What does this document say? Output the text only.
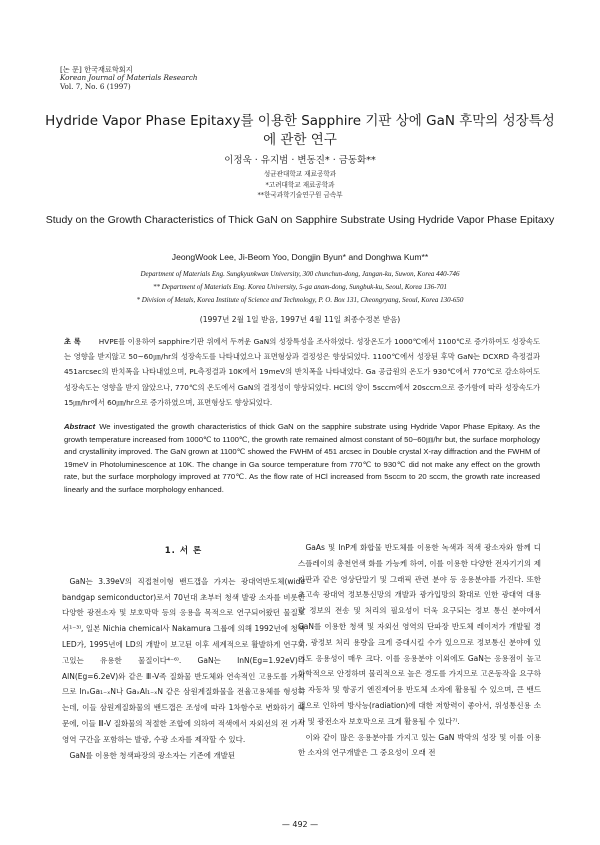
[논 문] 한국재료학회지
Korean Journal of Materials Research
Vol. 7, No. 6 (1997)
Hydride Vapor Phase Epitaxy를 이용한 Sapphire 기판 상에 GaN 후막의 성장특성에 관한 연구
이정욱 · 유지범 · 변동진* · 금동화**
성균관대학교 재료공학과
*고려대학교 재료공학과
**한국과학기술연구원 금속부
Study on the Growth Characteristics of Thick GaN on Sapphire Substrate Using Hydride Vapor Phase Epitaxy
JeongWook Lee, Ji-Beom Yoo, Dongjin Byun* and Donghwa Kum**
Department of Materials Eng. Sungkyunkwan University, 300 chunchun-dong, Jangan-ku, Suwon, Korea 440-746
** Department of Materials Eng. Korea University, 5-ga anam-dong, Sungbuk-ku, Seoul, Korea 136-701
* Division of Metals, Korea Institute of Science and Technology, P. O. Box 131, Cheongryang, Seoul, Korea 130-650
(1997년 2월 1일 받음, 1997년 4월 11일 최종수정본 받음)
초 록 HVPE를 이용하여 sapphire기판 위에서 두꺼운 GaN의 성장특성을 조사하였다. 성장온도가 1000℃에서 1100℃로 증가하여도 성장속도는 영향을 받지않고 50~60㎛/hr의 성장속도를 나타내었으나 표면형상과 결정성은 향상되었다. 1100℃에서 성장된 후막 GaN는 DCXRD 측정결과 451arcsec의 반치폭을 나타내었으며, PL측정결과 10K에서 19meV의 반치폭을 나타내었다. Ga 공급원의 온도가 930℃에서 770℃로 감소하여도 성장속도는 영향을 받지 않았으나, 770℃의 온도에서 GaN의 결정성이 향상되었다. HCl의 양이 5sccm에서 20sccm으로 증가함에 따라 성장속도가 15㎛/hr에서 60㎛/hr으로 증가하였으며, 표면형상도 향상되었다.
Abstract We investigated the growth characteristics of thick GaN on the sapphire substrate using Hydride Vapor Phase Epitaxy. As the growth temperature increased from 1000℃ to 1100℃, the growth rate remained almost constant of 50~60㎛/hr but, the surface morphology and crystallinity improved. The GaN grown at 1100℃ showed the FWHM of 451 arcsec in Double crystal X-ray diffraction and the FWHM of 19meV in Photoluminescence at 10K. The change in Ga source temperature from 770℃ to 930℃ did not make any effect on the growth rate, but the surface morphology improved at 770℃. As the flow rate of HCl increased from 5sccm to 20 sccm, the growth rate increased linearly and the surface morphology enhanced.
1. 서 론

GaN는 3.39eV의 직접천이형 밴드갭을 가지는 광대역반도체(wide bandgap semiconductor)로서 70년대 초부터 청색 발광 소자를 비롯한 다양한 광전소자 및 보호막막 등의 응용을 목적으로 연구되어왔던 물질로서¹⁻³⁾, 일본 Nichia chemical사 Nakamura 그룹에 의해 1992년에 청색 LED가, 1995년에 LD의 개발이 보고된 이후 세계적으로 활발하게 연구되고있는 유용한 물질이다⁴⁻⁶⁾. GaN는 InN(Eg=1.92eV)나 AlN(Eg=6.2eV)와 같은 Ⅲ-V족 질화물 반도체와 연속적인 고용도를 가지므로 InₓGa₁₋ₓN나 GaₓAl₁₋ₓN 같은 삼원계질화물을 전율고용체를 형성하는데, 이들 삼원계질화물의 밴드갭은 조성에 따라 1차함수로 변화하기 때문에, 이들 Ⅲ-V 질화물의 적절한 조합에 의하여 적색에서 자외선의 전 가시영역 구간을 포함하는 발광, 수광 소자를 제작할 수 있다.

GaN를 이용한 청색파장의 광소자는 기존에 개발된

GaAs 및 InP계 화합물 반도체를 이용한 녹색과 적색 광소자와 함께 디스플레이의 총천연색 화를 가능케 하여, 이를 이용한 다양한 전자기기의 제가판과 같은 영상단말기 및 그래픽 관련 분야 등 응용분야를 가진다. 또한 초고속 광대역 정보통신망의 개발과 광가입망의 확대로 인한 광대역 대용량 정보의 전송 및 처리의 필요성이 더욱 요구되는 정보 통신 분야에서 GaN를 이용한 청색 및 자외선 영역의 단파장 반도체 레이저가 개발될 경우, 광정보 처리 용량을 크게 증대시킬 수가 있으므로 정보통신 분야에 있어도 응용성이 매우 크다. 이를 응용분야 이외에도 GaN는 응용점이 높고 화학적으로 안정하며 물리적으로 높은 경도를 가지므로 고온동작을 요구하는 자동차 및 항공기 엔진제어용 반도체 소자에 활용될 수 있으며, 큰 밴드갭으로 인하여 방사능(radiation)에 대한 저항력이 좋아서, 위성통신용 소자 및 광전소자 보호막으로 크게 활용될 수 있다⁷⁾.

이와 같이 많은 응용분야를 가지고 있는 GaN 박막의 성장 및 이를 이용한 소자의 연구개발은 그 중요성이 오래 전

— 492 —
